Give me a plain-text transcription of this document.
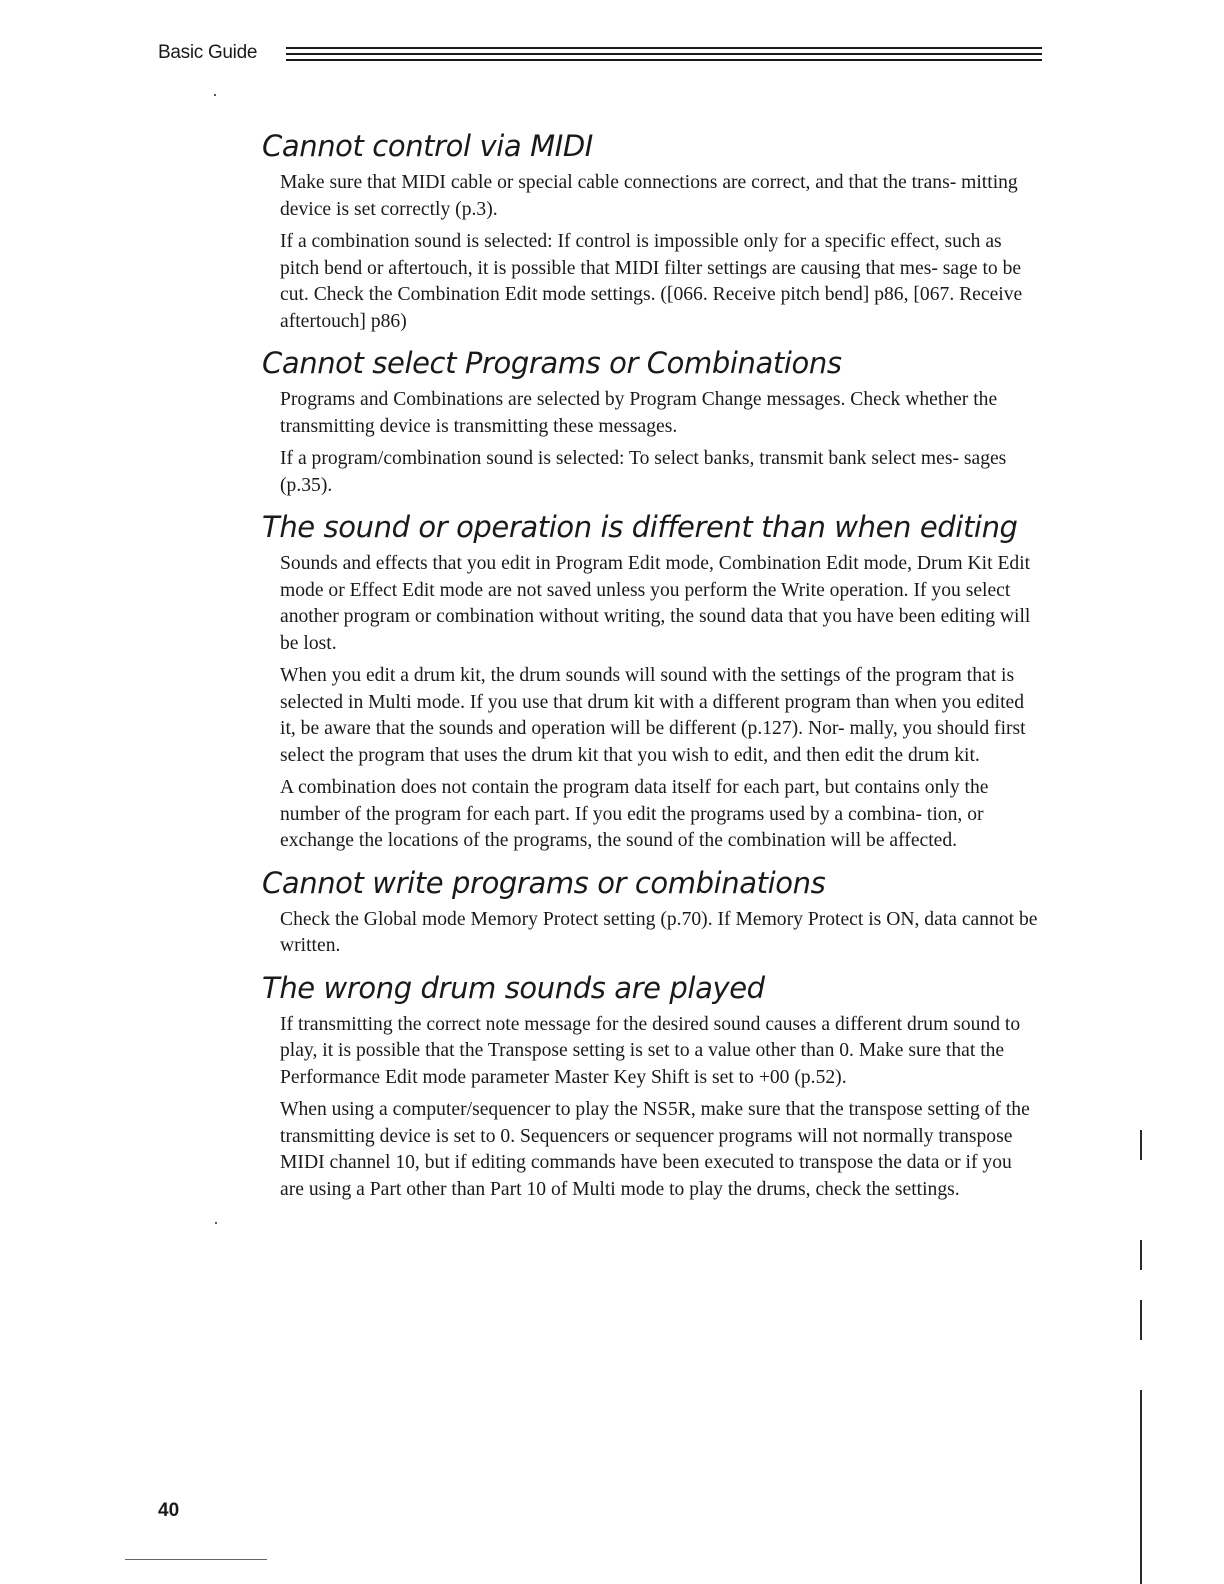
Basic Guide
Cannot control via MIDI

Make sure that MIDI cable or special cable connections are correct, and that the trans- mitting device is set correctly (p.3).

If a combination sound is selected: If control is impossible only for a specific effect, such as pitch bend or aftertouch, it is possible that MIDI filter settings are causing that mes- sage to be cut. Check the Combination Edit mode settings. ([066. Receive pitch bend] p86, [067. Receive aftertouch] p86)

Cannot select Programs or Combinations

Programs and Combinations are selected by Program Change messages. Check whether the transmitting device is transmitting these messages.

If a program/combination sound is selected: To select banks, transmit bank select mes- sages (p.35).

The sound or operation is different than when editing

Sounds and effects that you edit in Program Edit mode, Combination Edit mode, Drum Kit Edit mode or Effect Edit mode are not saved unless you perform the Write operation. If you select another program or combination without writing, the sound data that you have been editing will be lost.

When you edit a drum kit, the drum sounds will sound with the settings of the program that is selected in Multi mode. If you use that drum kit with a different program than when you edited it, be aware that the sounds and operation will be different (p.127). Nor- mally, you should first select the program that uses the drum kit that you wish to edit, and then edit the drum kit.

A combination does not contain the program data itself for each part, but contains only the number of the program for each part. If you edit the programs used by a combina- tion, or exchange the locations of the programs, the sound of the combination will be affected.

Cannot write programs or combinations

Check the Global mode Memory Protect setting (p.70). If Memory Protect is ON, data cannot be written.

The wrong drum sounds are played

If transmitting the correct note message for the desired sound causes a different drum sound to play, it is possible that the Transpose setting is set to a value other than 0. Make sure that the Performance Edit mode parameter Master Key Shift is set to +00 (p.52).

When using a computer/sequencer to play the NS5R, make sure that the transpose setting of the transmitting device is set to 0. Sequencers or sequencer programs will not normally transpose MIDI channel 10, but if editing commands have been executed to transpose the data or if you are using a Part other than Part 10 of Multi mode to play the drums, check the settings.

40
